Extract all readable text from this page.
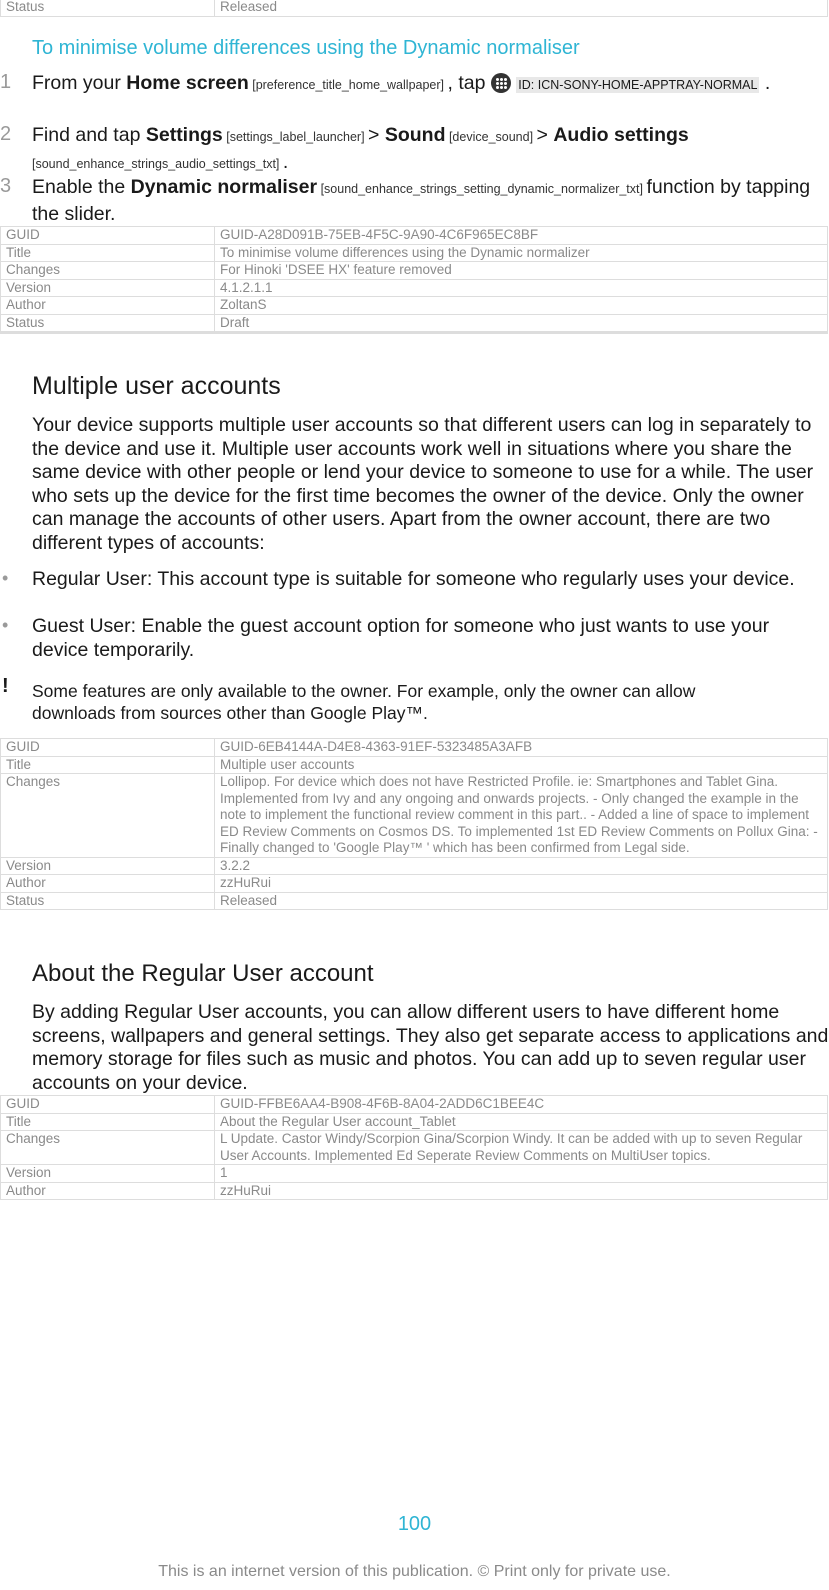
Status	Released
To minimise volume differences using the Dynamic normaliser
1 From your Home screen [preference_title_home_wallpaper] , tap
ID: ICN-SONY-HOME-APPTRAY-NORMAL .
2 Find and tap Settings [settings_label_launcher] > Sound [device_sound] > Audio settings [sound_enhance_strings_audio_settings_txt] .
3 Enable the Dynamic normaliser [sound_enhance_strings_setting_dynamic_normalizer_txt] function by tapping the slider.
GUID	GUID-A28D091B-75EB-4F5C-9A90-4C6F965EC8BF
Title	To minimise volume differences using the Dynamic normalizer
Changes	For Hinoki 'DSEE HX' feature removed
Version	4.1.2.1.1
Author	ZoltanS
Status	Draft
Multiple user accounts
Your device supports multiple user accounts so that different users can log in separately to the device and use it. Multiple user accounts work well in situations where you share the same device with other people or lend your device to someone to use for a while. The user who sets up the device for the first time becomes the owner of the device. Only the owner can manage the accounts of other users. Apart from the owner account, there are two different types of accounts:
• Regular User: This account type is suitable for someone who regularly uses your device.
• Guest User: Enable the guest account option for someone who just wants to use your device temporarily.
! Some features are only available to the owner. For example, only the owner can allow downloads from sources other than Google Play™.
GUID	GUID-6EB4144A-D4E8-4363-91EF-5323485A3AFB
Title	Multiple user accounts
Changes	Lollipop. For device which does not have Restricted Profile. ie: Smartphones and Tablet Gina. Implemented from Ivy and any ongoing and onwards projects. - Only changed the example in the note to implement the functional review comment in this part.. - Added a line of space to implement ED Review Comments on Cosmos DS. To implemented 1st ED Review Comments on Pollux Gina: - Finally changed to 'Google Play™ ' which has been confirmed from Legal side.
Version	3.2.2
Author	zzHuRui
Status	Released
About the Regular User account
By adding Regular User accounts, you can allow different users to have different home screens, wallpapers and general settings. They also get separate access to applications and memory storage for files such as music and photos. You can add up to seven regular user accounts on your device.
GUID	GUID-FFBE6AA4-B908-4F6B-8A04-2ADD6C1BEE4C
Title	About the Regular User account_Tablet
Changes	L Update. Castor Windy/Scorpion Gina/Scorpion Windy. It can be added with up to seven Regular User Accounts. Implemented Ed Seperate Review Comments on MultiUser topics.
Version	1
Author	zzHuRui
100
This is an internet version of this publication. © Print only for private use.
